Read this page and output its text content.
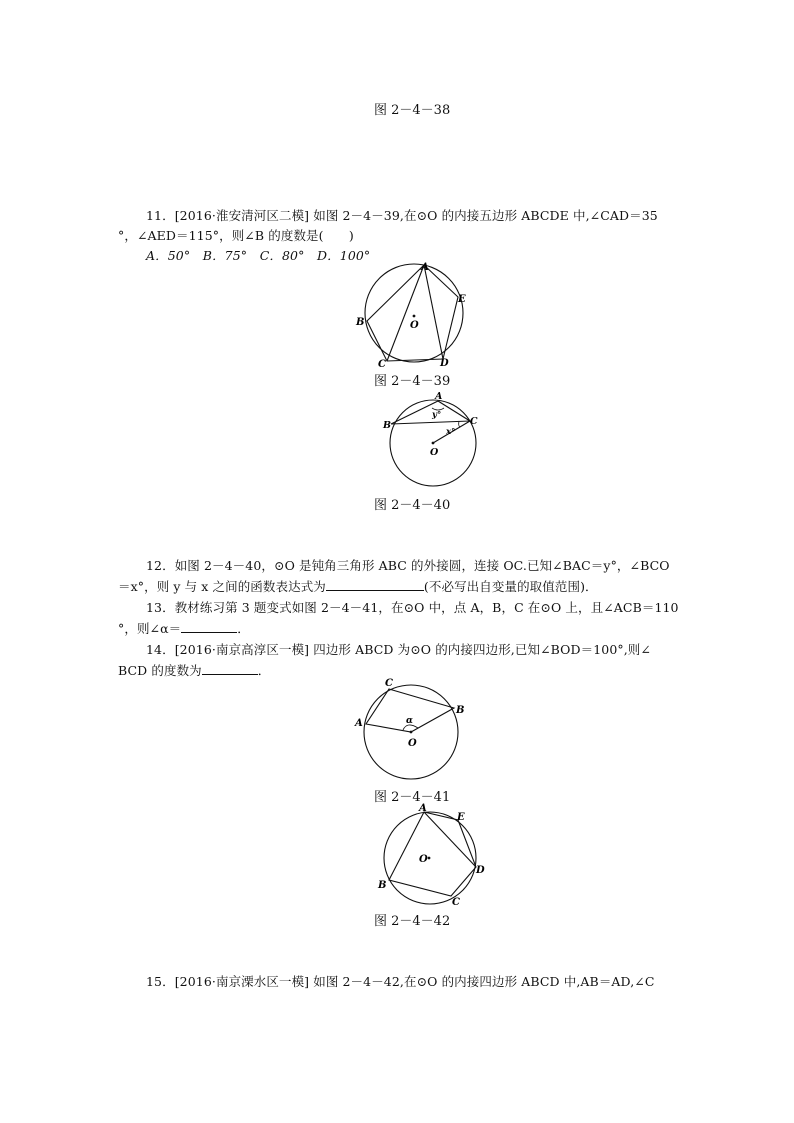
图 2－4－38
11．[2016·淮安清河区二模] 如图 2－4－39,在⊙O 的内接五边形 ABCDE 中,∠CAD＝35
°，∠AED＝115°，则∠B 的度数是(　　)
A．50°　B．75°　C．80°　D．100°
A
B
C	D
E
O
图 2－4－39
A
B	C
O
x°
y°
图 2－4－40
12．如图 2－4－40，⊙O 是钝角三角形 ABC 的外接圆，连接 OC.已知∠BAC＝y°，∠BCO
＝x°，则 y 与 x 之间的函数表达式为	(不必写出自变量的取值范围)．
13．教材练习第 3 题变式如图 2－4－41，在⊙O 中，点 A，B，C 在⊙O 上，且∠ACB＝110
°，则∠α＝	．
14．[2016·南京高淳区一模] 四边形 ABCD 为⊙O 的内接四边形,已知∠BOD＝100°,则∠
BCD 的度数为	．
C
B
A
O
α
图 2－4－41
A
E
D
C
B
O
图 2－4－42
15．[2016·南京溧水区一模] 如图 2－4－42,在⊙O 的内接四边形 ABCD 中,AB＝AD,∠C
